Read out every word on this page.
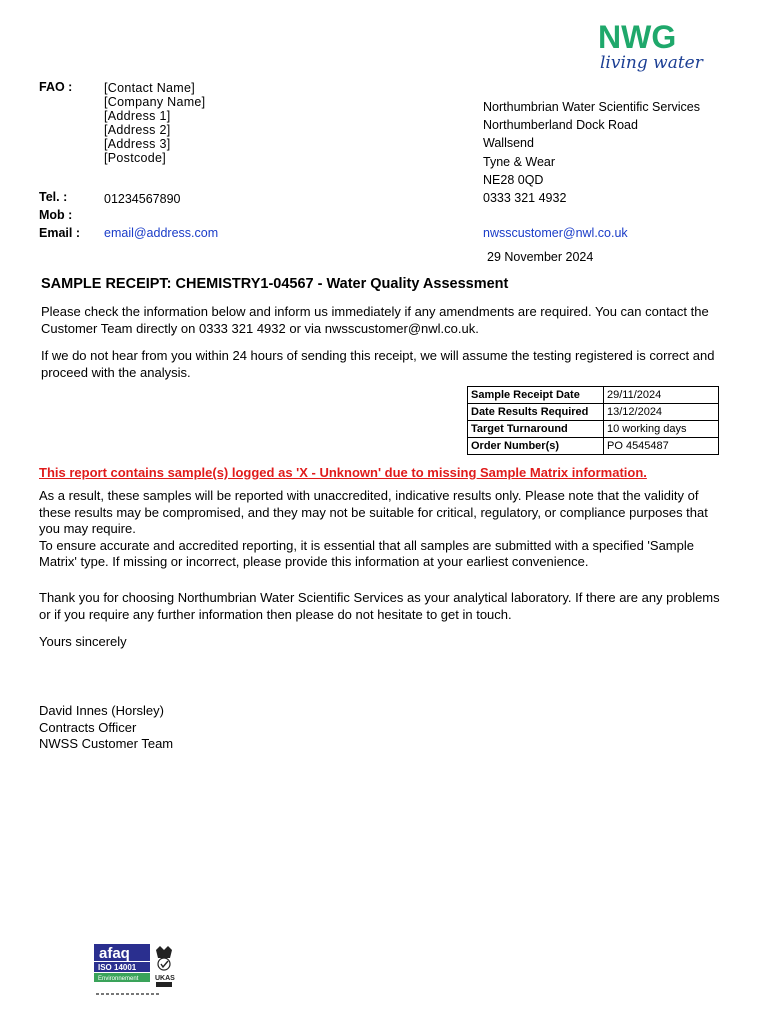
NWG
living water
FAO :	[Contact Name]
[Company Name]
[Address 1]
[Address 2]
[Address 3]
[Postcode]
Tel. :	01234567890
Mob :
Email : email@address.com
Northumbrian Water Scientific Services
Northumberland Dock Road
Wallsend
Tyne & Wear
NE28 0QD
0333 321 4932
nwsscustomer@nwl.co.uk
29 November 2024
SAMPLE RECEIPT: CHEMISTRY1-04567 - Water Quality Assessment
Please check the information below and inform us immediately if any amendments are required. You can contact the Customer Team directly on 0333 321 4932 or via nwsscustomer@nwl.co.uk.
If we do not hear from you within 24 hours of sending this receipt, we will assume the testing registered is correct and proceed with the analysis.
Sample Receipt Date	29/11/2024
Date Results Required	13/12/2024
Target Turnaround	10 working days
Order Number(s)	PO 4545487
This report contains sample(s) logged as 'X - Unknown' due to missing Sample Matrix information.
As a result, these samples will be reported with unaccredited, indicative results only. Please note that the validity of these results may be compromised, and they may not be suitable for critical, regulatory, or compliance purposes that you may require.
To ensure accurate and accredited reporting, it is essential that all samples are submitted with a specified 'Sample Matrix' type. If missing or incorrect, please provide this information at your earliest convenience.
Thank you for choosing Northumbrian Water Scientific Services as your analytical laboratory. If there are any problems or if you require any further information then please do not hesitate to get in touch.
Yours sincerely
David Innes (Horsley)
Contracts Officer
NWSS Customer Team
afaq
ISO 14001
Environnement UKAS
